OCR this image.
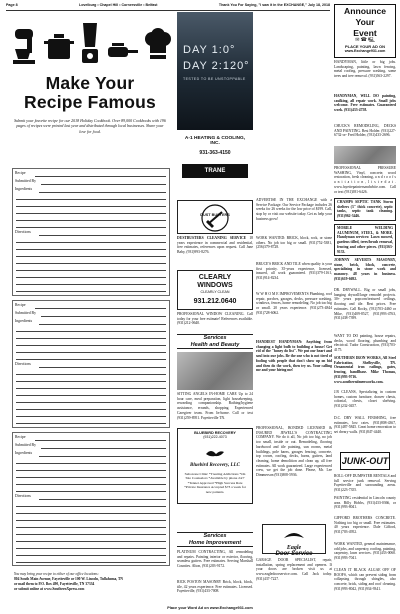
Page 8	Lovelburg • Chapel Hill • Cornersville • Belfast	Thank You For Saying, "I saw it in the EXCHANGE," July 18, 2018
Make Your
Recipe Famous
Submit your favorite recipe for our 2018 Holiday Cookbook. Over 89,000 Cookbooks with 196 pages of recipes were printed last year and distributed through local businesses. Share your love for food.
Recipe
Submitted By
Ingredients
Directions
Recipe
Submitted By
Ingredients
Directions
Recipe
Submitted By
Ingredients
Directions
You may bring your recipe to either of our office locations:
804 South Main Avenue, Fayetteville or 100 W. Lincoln, Tullahoma, TN
or mail them to P.O. Box 490, Fayetteville, TN 37334
or submit online at www.SouthernXpress.com
DAY 1:0°
DAY 2:120°
TESTED TO BE UNSTOPPABLE
A-1 HEATING & COOLING,
INC.
931-363-4150
TRANE
DUST BUSTERS
DUSTBUSTERS CLEANING SERVICE 18 years experience in commercial and residential, free estimates, references upon request. Call Jane Baby, (931)993-8276.
CLEARLY WINDOWS
CLEARLY CLEAN
931.212.0640
PROFESSIONAL WINDOW CLEANING. Call today for your free estimate! References available. (931)212-0640.
Services
Health and Beauty
SITTING ANGELS IN-HOME CARE Up to 24 hour care, meal preparation, light housekeeping, rewarding companionship. Bathing/hygiene assistance, errands, shopping. Experienced Caregiver team. From In-home. Call or text (931)259-8951. Fayetteville TN.
BLUEBIRD RECOVERY
(931)222-4073
Bluebird Recovery, LLC
Suboxone Clinic *Treating Addictions *On Site Counselors *Available by phone 24/7 *Tennet Approved *High Success Rate *Private Insurance Accepted $73 a week for new patients.
Services
Home Improvement
PLATINUM CONTRACTING, All remodeling and repairs. Painting interior or exterior, flooring, seamless gutters. Free estimates. Serving Marshall Counties. Alton, (931)203-9172.
RICK POSTON MASONRY Brick, block, block, tile, 42 years experience. Free estimates. Licensed. Fayetteville, (931)433-7008.
ADVERTISE IN THE EXCHANGE with a Service Package. Our Service Package includes 26 weeks for 26 weeks for the low price of $199. Call, stop by or visit our website today. Get as help your business grow!
WORK WANTED: BRICK, block, rock, or stone others. No job too big or small. (931)752-5381, (256)379-8728.
BRUCE'S BRICK AND TILE when quality is your first priority. 35-years experience, licensed, insured, all work guaranteed. (931)379-1161, (931)914-8234.
W W H O M E IMPROVEMENTS Plumbing, roof repair, porches, garages, decks, pressure washing, windows, fences, home remodeling. No job too big or small. 20 years experience. (931)273-4844 (931)728-6062.
HANDIEST HANDYMAN: Anything from changing a light bulb to building a house! Get rid of the "honey do list". We put our heart and soul into our jobs. Be the one who is not tired of fooling with people that don't show up on bid and then do the work, then try us. Your calling me and your hiring me!
PROFESSIONAL, BONDED LICENSED & INSURED JEWELL'S CONTRACTING COMPANY. We do it all, No job too big, no job too small, inside or out. Remodeling, flooring hardwood and tile painting, sun rooms, metal buildings, pole barns, garages fencing, concrete, top crown, roofing, decks, barns, gutters, land cleaning, home demolition and clean up, all free estimates. All work guaranteed. Large experienced crew, we get the job done. Please, Mr. Lee Dimmerson (931)808-5936.
Eagle
Door Service
GARAGE DOOR SPECIALIST, repair, installation, spring replacement and openers. If your doors are broken visit us at www.eagledoorservice.com. Call Jack today. (931)437-7227.
Announce
Your
Event
✉ ☎ 🖳
PLACE YOUR AD ON
www.Exchange931.com
HANDYMAN, little or big jobs. Landscaping, painting, lawn fencing, metal roofing, pressure washing, some trees and tree removal. (931)563-2297.
HANDYMAN, WILL DO painting, caulking, all repair work. Small jobs welcome. Free estimates. Guaranteed work. (931)433-4758.
CHUCK'S REMODELING, DECKS AND PAINTING. Best Holder. (931)227-6732-or- Fred Holder, (931)433-2696.
PROFESSIONAL PRESSURE WASHING, Vinyl, concrete, wood restoration, fresh cleaning, a n d r o o f s a n i t a t i o n , l i s t e d a t . www.fayettepaintersandwhite.com. Call or text (931)581-6426.
CHAMPS SEPTIC TANK Storm shelters (3" thick concrete), septic tanks, septic tank cleaning. (931)962-3446.
MOBILE WELDING ALUMINUM, STEEL, & MORE. Handyman services: Lawn mowed, gardens tilled, trees/brush removal, fencing and other pieces. (931)563-9133.
JOHNNY SEVERTS MASONRY, stone, brick, block, concrete, specializing in stone work and masonry. 48 years in business. (931)619-6692.
DR. DRYWALL. Big or small jobs, hanging drywall/large remodel projects. 30+ years popcorn/textured ceilings, flooring and tile. Best prices. Free estimates. Call Rocky, (931)703-4460 or Mike, (931)409-8527, (931)993-4763, (931)438-7399.
WANT TO DO painting, house repairs, decks, wood flooring, plumbing and electrical. Tudor Construction, (931)703-4175.
SOUTHERN IRON WORKS, All Steel Fabrication, Shelbyville, TN. Ornamental iron railings, gates, fencing, handlbase. Mike Thomas, (931)993-9716. www.southerniimenworks.com.
J.B CLEANS, Specializing in custom homes, custom furniture, drawer chests, colonial, chests, closet shelving. (931)232-0457.
D.C. DRY WALL FINISHING, free estimates, low rates. (931)808-4367, (931)487-5845. Great home renovation to set dreary walls. (931)847-4440.
JUNK-OUT
ROLL-OFF DUMPSTER RENTALS and full service junk removal. Serving Fayetteville and surrounding areas. (931)223-7355.
PAINTING residential in Lincoln county area. Billy Hobbs, (931)433-0366, or (931)993-8041.
GIFFORD BROTHERS CONCRETE. Nothing too big or small. Free estimates. 40 years experience. Dale Gifford, (931)703-4952.
WORK WANTED, general maintenance, odd jobs, and carpentry, roofing, painting, carpentry, lawn services. (931)433-0060. (931)993-7041.
CLEAN IT BLACK ALGAE OFF OF ROOFS, which can prevent siding from collapsing through shingles, also concrete, brick, siding and roof cleaning. (931)993-8042, (931)934-9341.
Place your Word Ad on www.Exchange931.com
